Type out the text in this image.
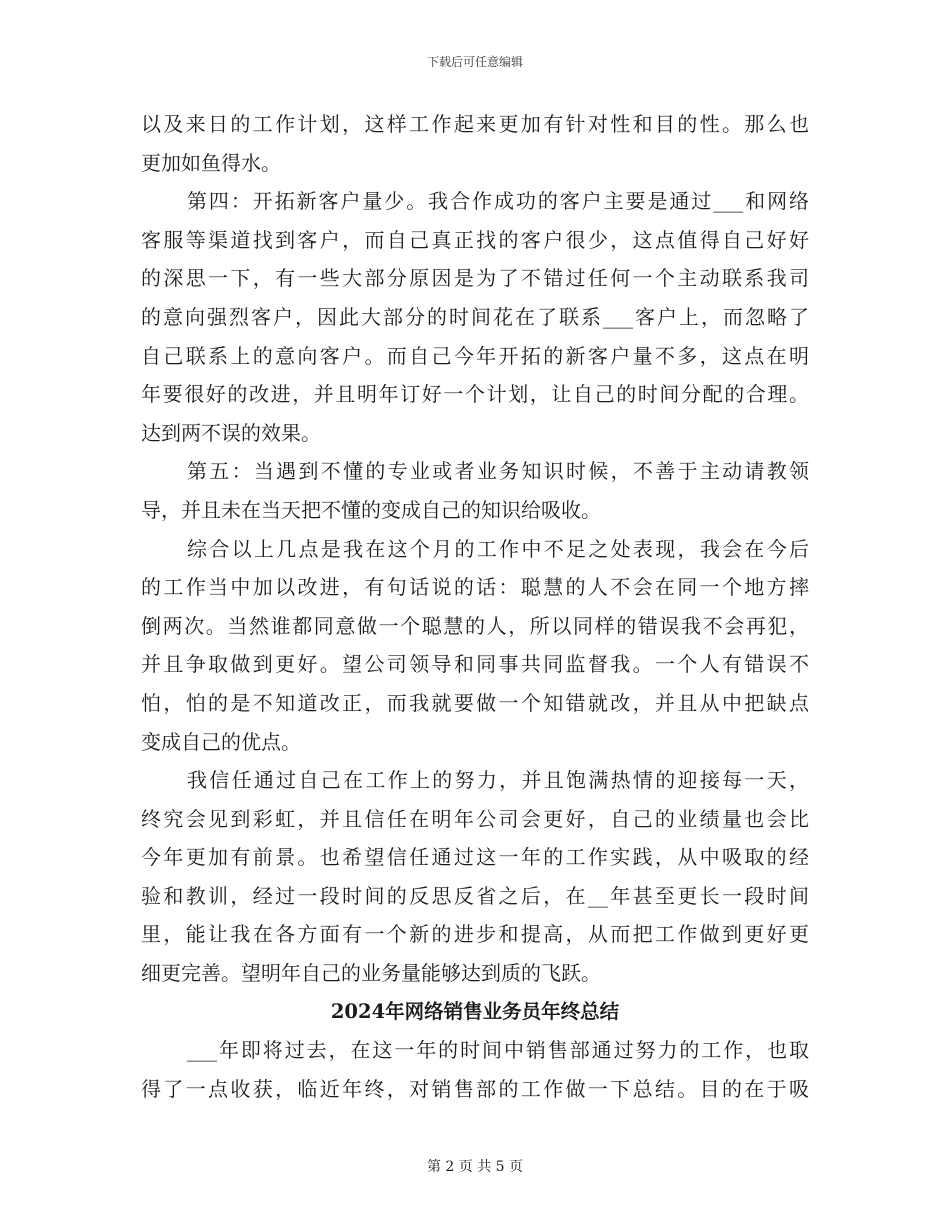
下载后可任意编辑
以及来日的工作计划，这样工作起来更加有针对性和目的性。那么也
更加如鱼得水。
第四：开拓新客户量少。我合作成功的客户主要是通过___和网络
客服等渠道找到客户，而自己真正找的客户很少，这点值得自己好好
的深思一下，有一些大部分原因是为了不错过任何一个主动联系我司
的意向强烈客户，因此大部分的时间花在了联系___客户上，而忽略了
自己联系上的意向客户。而自己今年开拓的新客户量不多，这点在明
年要很好的改进，并且明年订好一个计划，让自己的时间分配的合理。
达到两不误的效果。
第五：当遇到不懂的专业或者业务知识时候，不善于主动请教领
导，并且未在当天把不懂的变成自己的知识给吸收。
综合以上几点是我在这个月的工作中不足之处表现，我会在今后
的工作当中加以改进，有句话说的话：聪慧的人不会在同一个地方摔
倒两次。当然谁都同意做一个聪慧的人，所以同样的错误我不会再犯，
并且争取做到更好。望公司领导和同事共同监督我。一个人有错误不
怕，怕的是不知道改正，而我就要做一个知错就改，并且从中把缺点
变成自己的优点。
我信任通过自己在工作上的努力，并且饱满热情的迎接每一天，
终究会见到彩虹，并且信任在明年公司会更好，自己的业绩量也会比
今年更加有前景。也希望信任通过这一年的工作实践，从中吸取的经
验和教训，经过一段时间的反思反省之后，在__年甚至更长一段时间
里，能让我在各方面有一个新的进步和提高，从而把工作做到更好更
细更完善。望明年自己的业务量能够达到质的飞跃。
2024年网络销售业务员年终总结
___年即将过去，在这一年的时间中销售部通过努力的工作，也取
得了一点收获，临近年终，对销售部的工作做一下总结。目的在于吸
第 2 页 共 5 页
